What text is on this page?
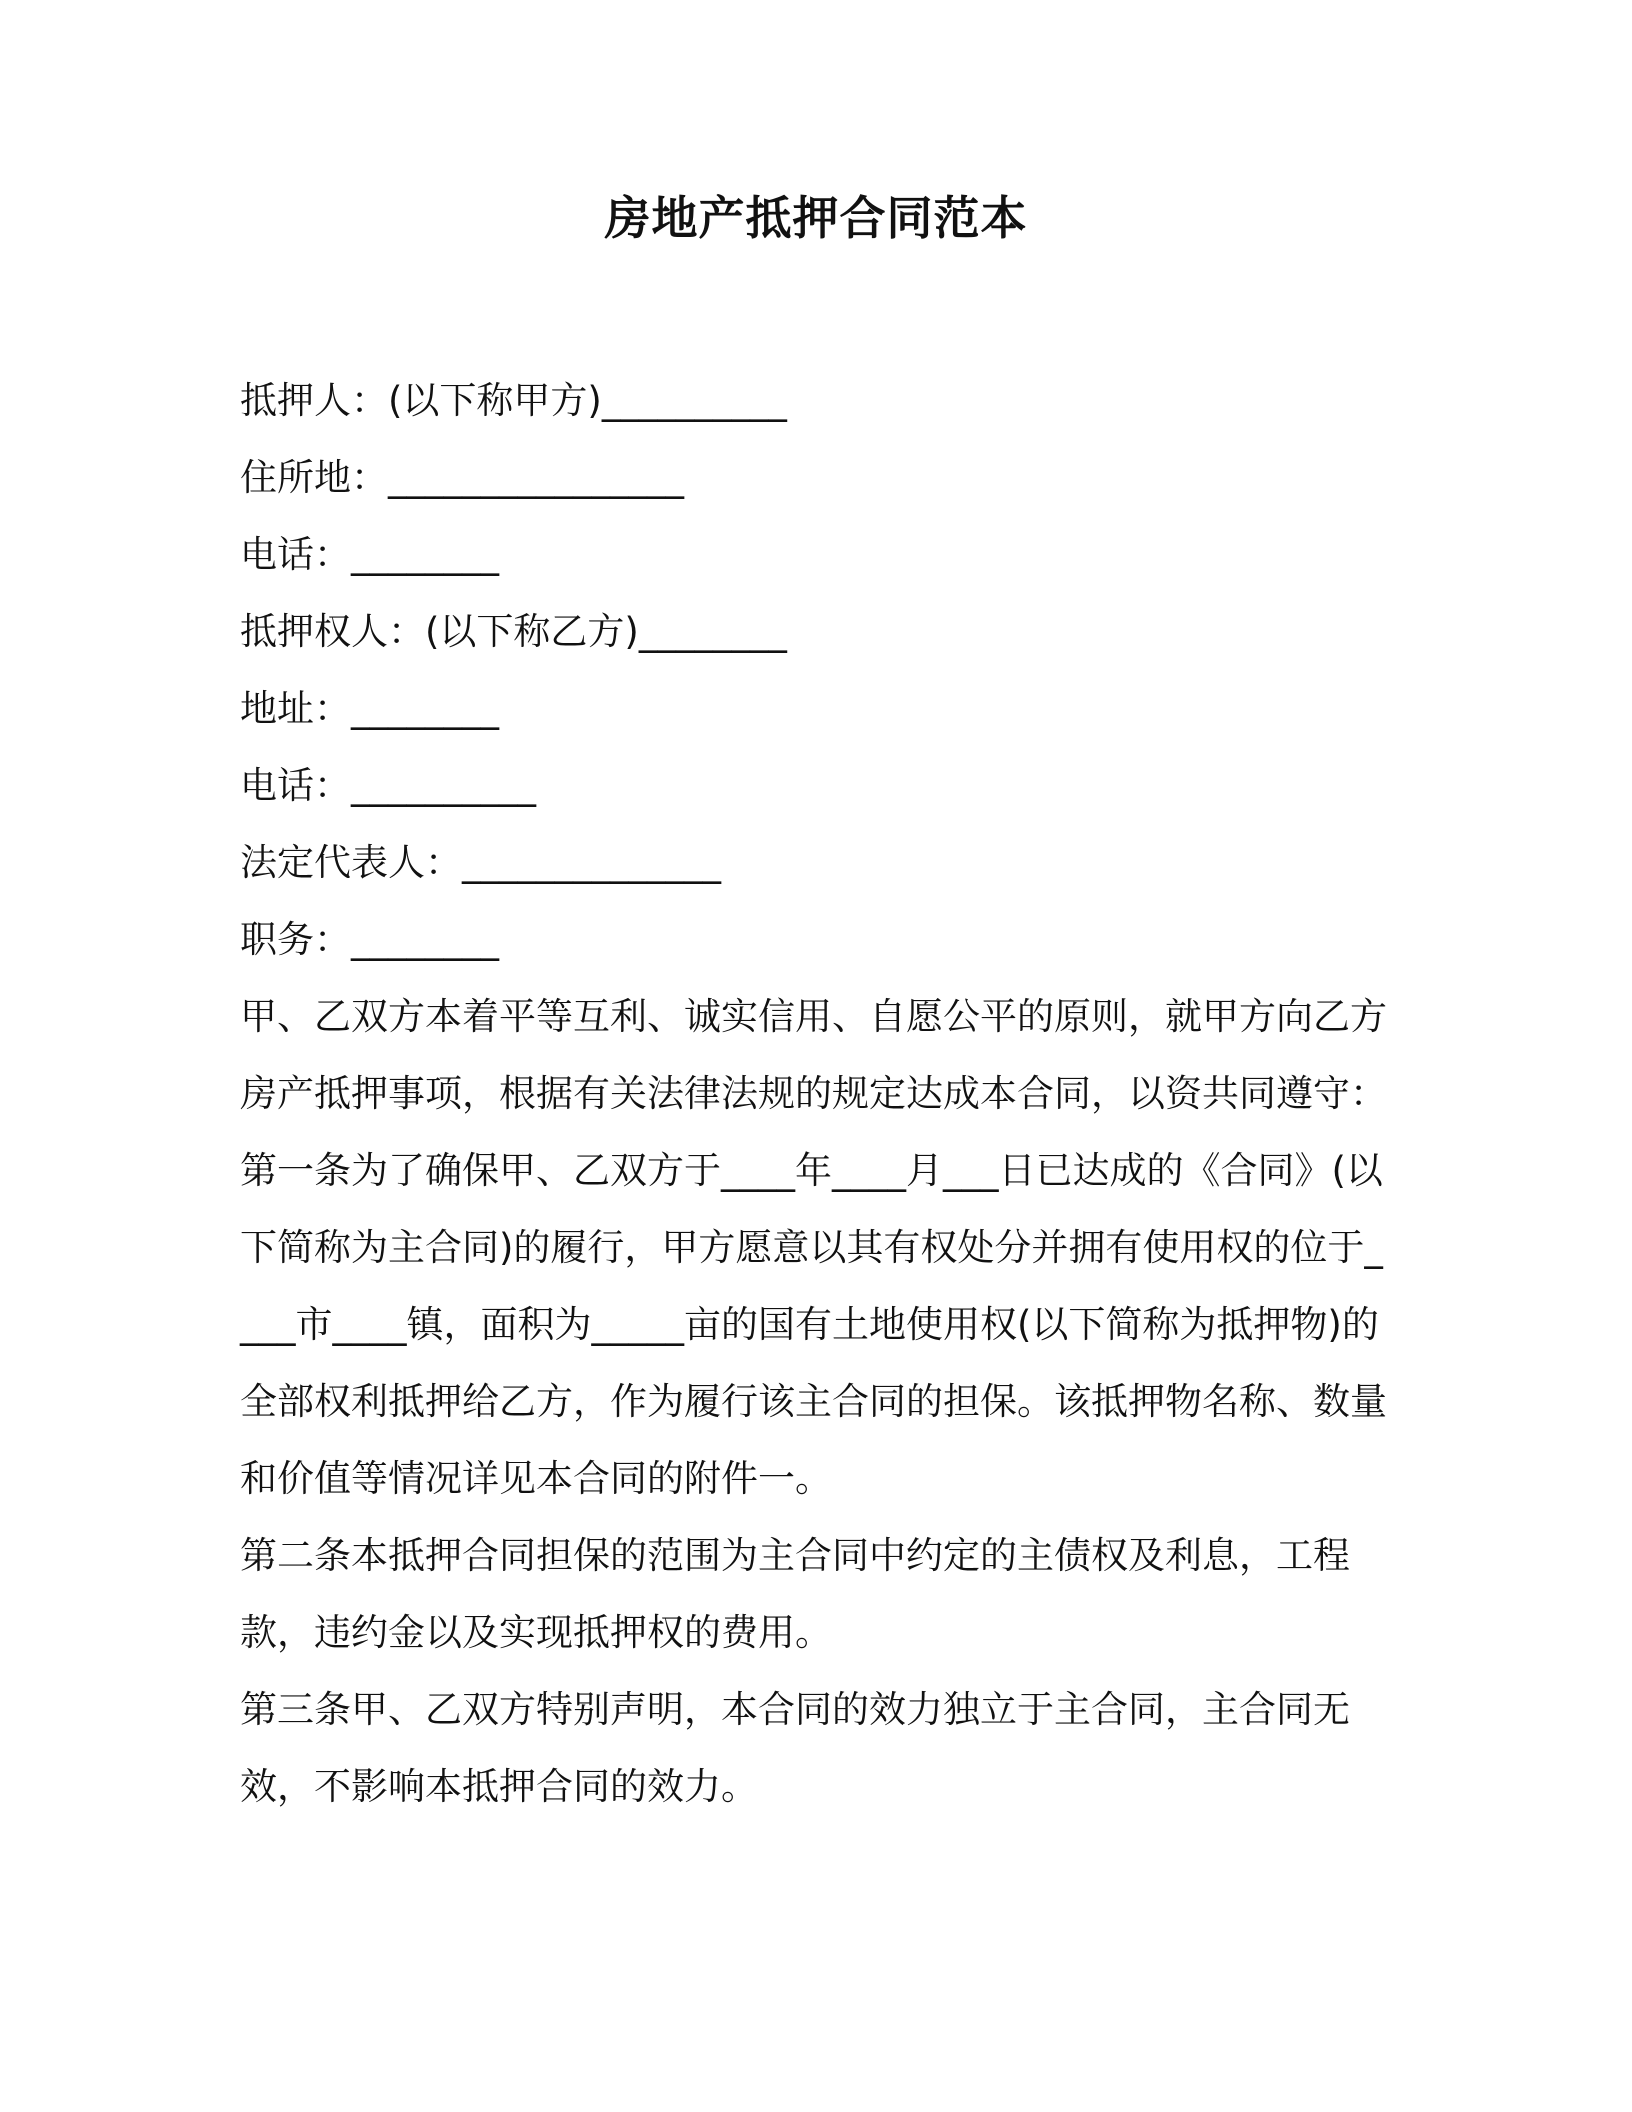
房地产抵押合同范本
抵押人：(以下称甲方)__________
住所地：________________
电话：________
抵押权人：(以下称乙方)________
地址：________
电话：__________
法定代表人：______________
职务：________
甲、乙双方本着平等互利、诚实信用、自愿公平的原则，就甲方向乙方房产抵押事项，根据有关法律法规的规定达成本合同，以资共同遵守：
第一条为了确保甲、乙双方于____年____月___日已达成的《合同》(以下简称为主合同)的履行，甲方愿意以其有权处分并拥有使用权的位于____市____镇，面积为_____亩的国有土地使用权(以下简称为抵押物)的全部权利抵押给乙方，作为履行该主合同的担保。该抵押物名称、数量和价值等情况详见本合同的附件一。
第二条本抵押合同担保的范围为主合同中约定的主债权及利息，工程款，违约金以及实现抵押权的费用。
第三条甲、乙双方特别声明，本合同的效力独立于主合同，主合同无效，不影响本抵押合同的效力。
